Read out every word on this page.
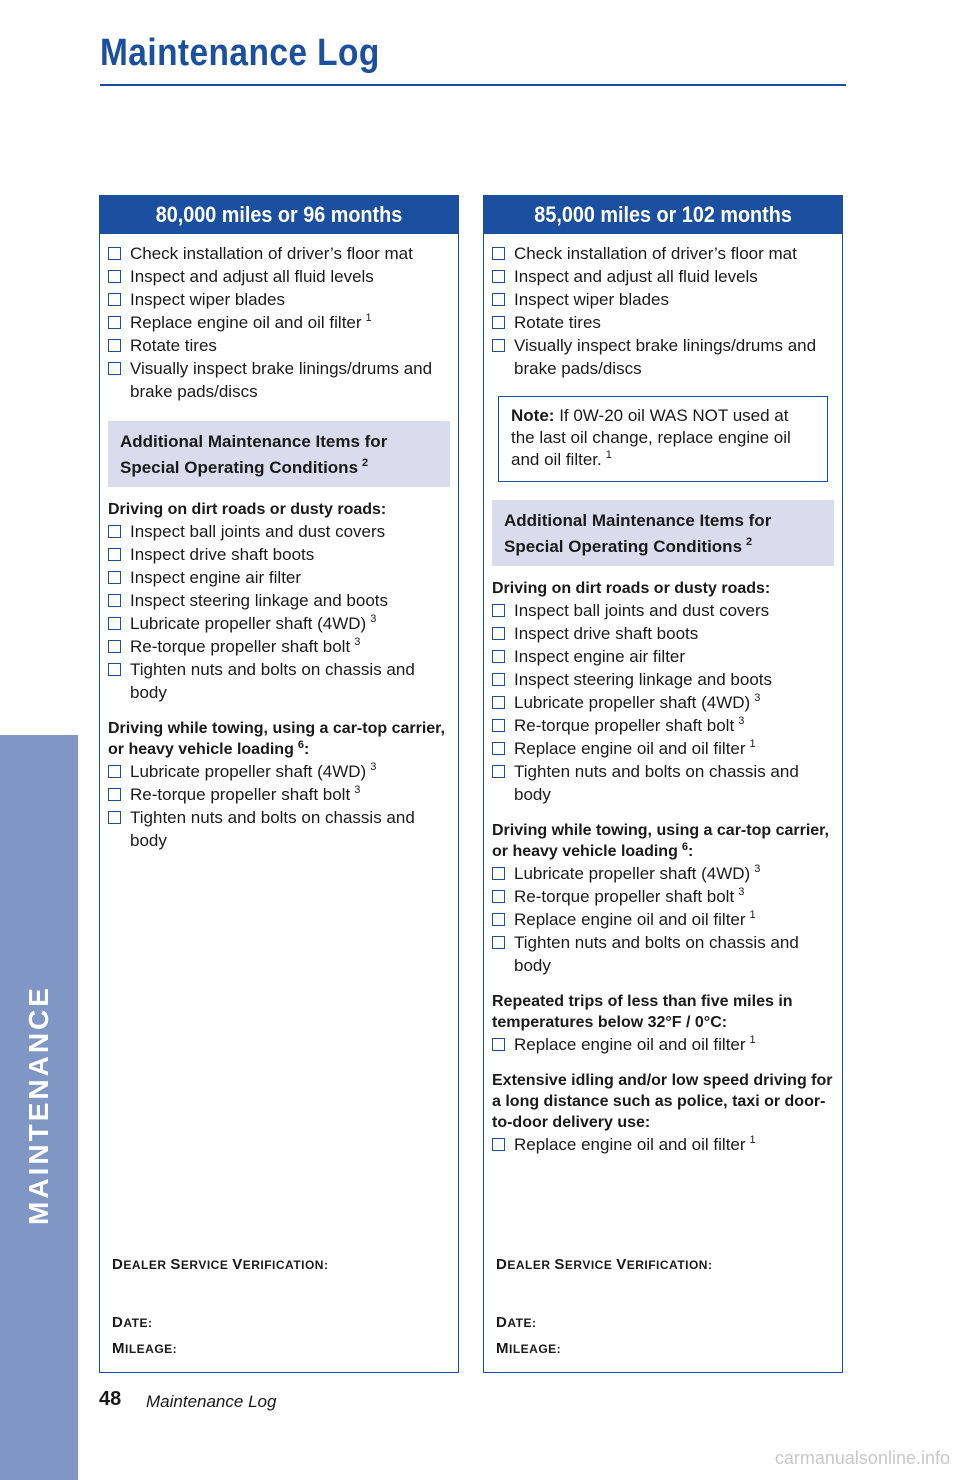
Maintenance Log
MAINTENANCE
80,000 miles or 96 months
Check installation of driver’s floor mat
Inspect and adjust all fluid levels
Inspect wiper blades
Replace engine oil and oil filter $^1$
Rotate tires
Visually inspect brake linings/drums and brake pads/discs
Additional Maintenance Items for
Special Operating Conditions $^2$
Driving on dirt roads or dusty roads:
Inspect ball joints and dust covers
Inspect drive shaft boots
Inspect engine air filter
Inspect steering linkage and boots
Lubricate propeller shaft (4WD) $^3$
Re-torque propeller shaft bolt $^3$
Tighten nuts and bolts on chassis and body
Driving while towing, using a car-top carrier, or heavy vehicle loading $^6$:
Lubricate propeller shaft (4WD) $^3$
Re-torque propeller shaft bolt $^3$
Tighten nuts and bolts on chassis and body
DEALER SERVICE VERIFICATION:
DATE:
MILEAGE:
85,000 miles or 102 months
Check installation of driver’s floor mat
Inspect and adjust all fluid levels
Inspect wiper blades
Rotate tires
Visually inspect brake linings/drums and brake pads/discs
Note: If 0W-20 oil WAS NOT used at the last oil change, replace engine oil and oil filter. $^1$
Additional Maintenance Items for
Special Operating Conditions $^2$
Driving on dirt roads or dusty roads:
Inspect ball joints and dust covers
Inspect drive shaft boots
Inspect engine air filter
Inspect steering linkage and boots
Lubricate propeller shaft (4WD) $^3$
Re-torque propeller shaft bolt $^3$
Replace engine oil and oil filter $^1$
Tighten nuts and bolts on chassis and body
Driving while towing, using a car-top carrier, or heavy vehicle loading $^6$:
Lubricate propeller shaft (4WD) $^3$
Re-torque propeller shaft bolt $^3$
Replace engine oil and oil filter $^1$
Tighten nuts and bolts on chassis and body
Repeated trips of less than five miles in temperatures below 32°F / 0°C:
Replace engine oil and oil filter $^1$
Extensive idling and/or low speed driving for a long distance such as police, taxi or door-to-door delivery use:
Replace engine oil and oil filter $^1$
DEALER SERVICE VERIFICATION:
DATE:
MILEAGE:
48 Maintenance Log
carmanualsonline.info
